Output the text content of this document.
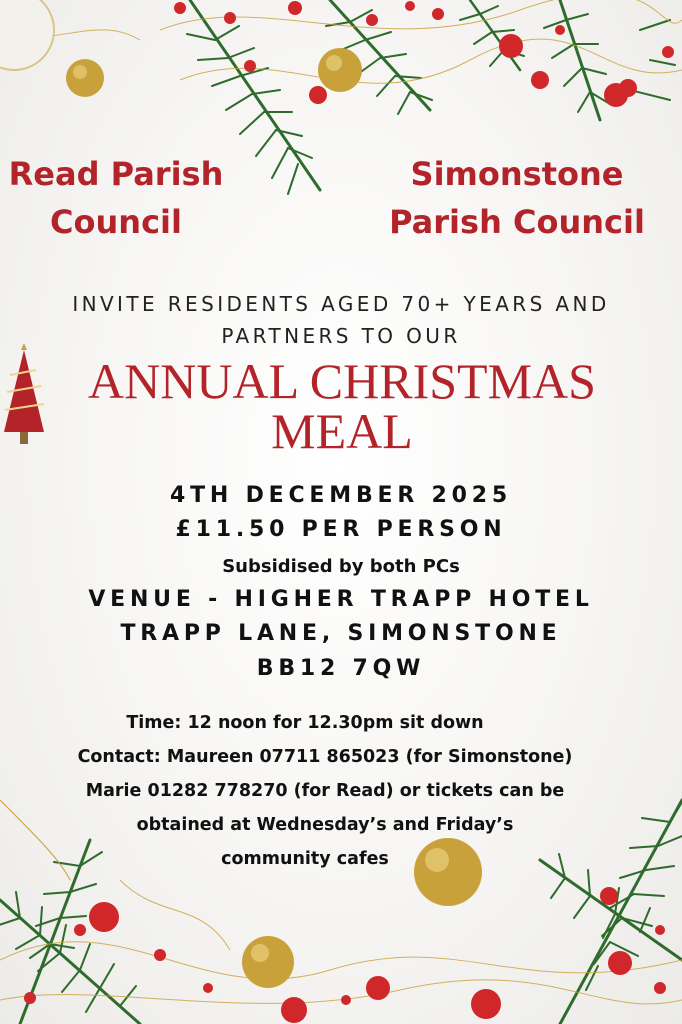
Read Parish
Council
Simonstone
Parish Council
INVITE RESIDENTS AGED 70+ YEARS AND
PARTNERS TO OUR
ANNUAL CHRISTMAS
MEAL
4TH DECEMBER 2025
£11.50 PER PERSON
Subsidised by both PCs
VENUE - HIGHER TRAPP HOTEL
TRAPP LANE, SIMONSTONE
BB12 7QW
Time: 12 noon for 12.30pm sit down
Contact: Maureen 07711 865023 (for Simonstone)
Marie 01282 778270 (for Read) or tickets can be
obtained at Wednesday’s and Friday’s
community cafes
